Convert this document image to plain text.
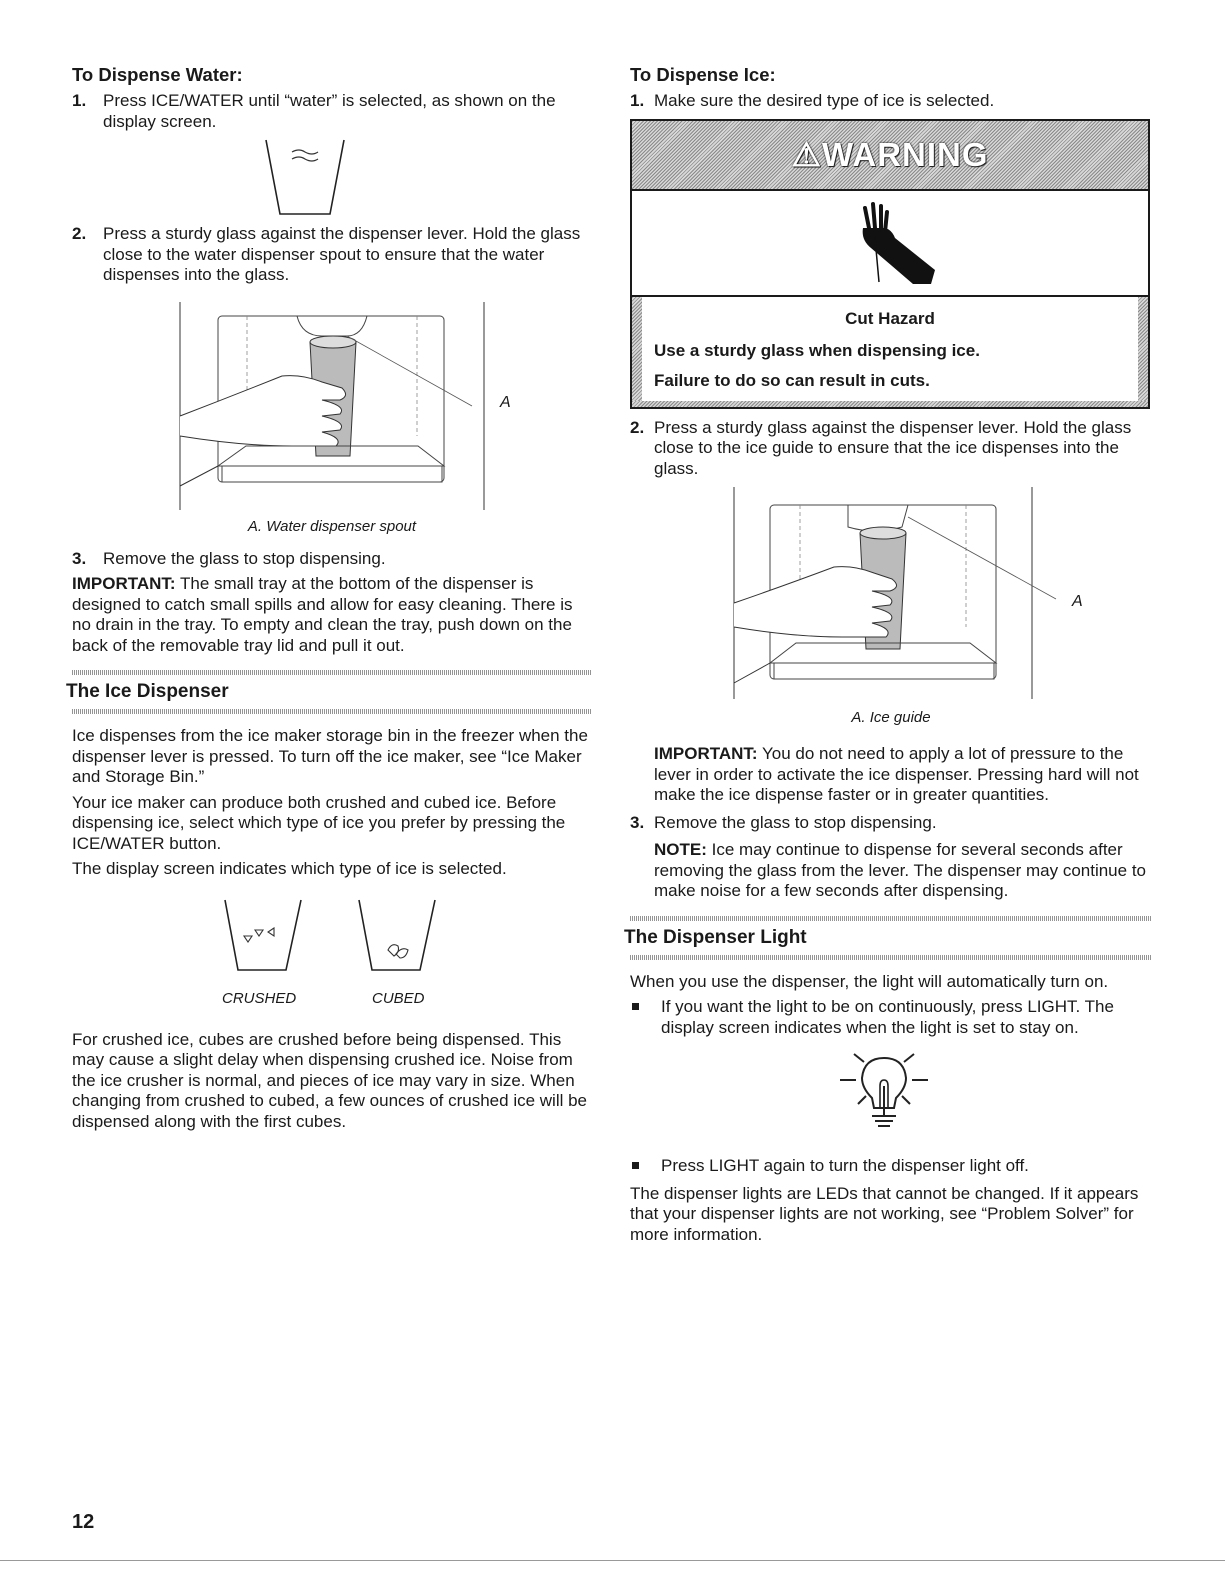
To Dispense Water:
1. Press ICE/WATER until “water” is selected, as shown on the display screen.
2. Press a sturdy glass against the dispenser lever. Hold the glass close to the water dispenser spout to ensure that the water dispenses into the glass.
A
A. Water dispenser spout
3. Remove the glass to stop dispensing.

IMPORTANT: The small tray at the bottom of the dispenser is designed to catch small spills and allow for easy cleaning. There is no drain in the tray. To empty and clean the tray, push down on the back of the removable tray lid and pull it out.

The Ice Dispenser

Ice dispenses from the ice maker storage bin in the freezer when the dispenser lever is pressed. To turn off the ice maker, see “Ice Maker and Storage Bin.”

Your ice maker can produce both crushed and cubed ice. Before dispensing ice, select which type of ice you prefer by pressing the ICE/WATER button.

The display screen indicates which type of ice is selected.

CRUSHED	CUBED

For crushed ice, cubes are crushed before being dispensed. This may cause a slight delay when dispensing crushed ice. Noise from the ice crusher is normal, and pieces of ice may vary in size. When changing from crushed to cubed, a few ounces of crushed ice will be dispensed along with the first cubes.

To Dispense Ice:
1. Make sure the desired type of ice is selected.
⚠WARNING
Cut Hazard
Use a sturdy glass when dispensing ice.
Failure to do so can result in cuts.
2. Press a sturdy glass against the dispenser lever. Hold the glass close to the ice guide to ensure that the ice dispenses into the glass.
A
A. Ice guide

IMPORTANT: You do not need to apply a lot of pressure to the lever in order to activate the ice dispenser. Pressing hard will not make the ice dispense faster or in greater quantities.

3. Remove the glass to stop dispensing.

NOTE: Ice may continue to dispense for several seconds after removing the glass from the lever. The dispenser may continue to make noise for a few seconds after dispensing.

The Dispenser Light

When you use the dispenser, the light will automatically turn on.

If you want the light to be on continuously, press LIGHT. The display screen indicates when the light is set to stay on.
Press LIGHT again to turn the dispenser light off.

The dispenser lights are LEDs that cannot be changed. If it appears that your dispenser lights are not working, see “Problem Solver” for more information.

12
